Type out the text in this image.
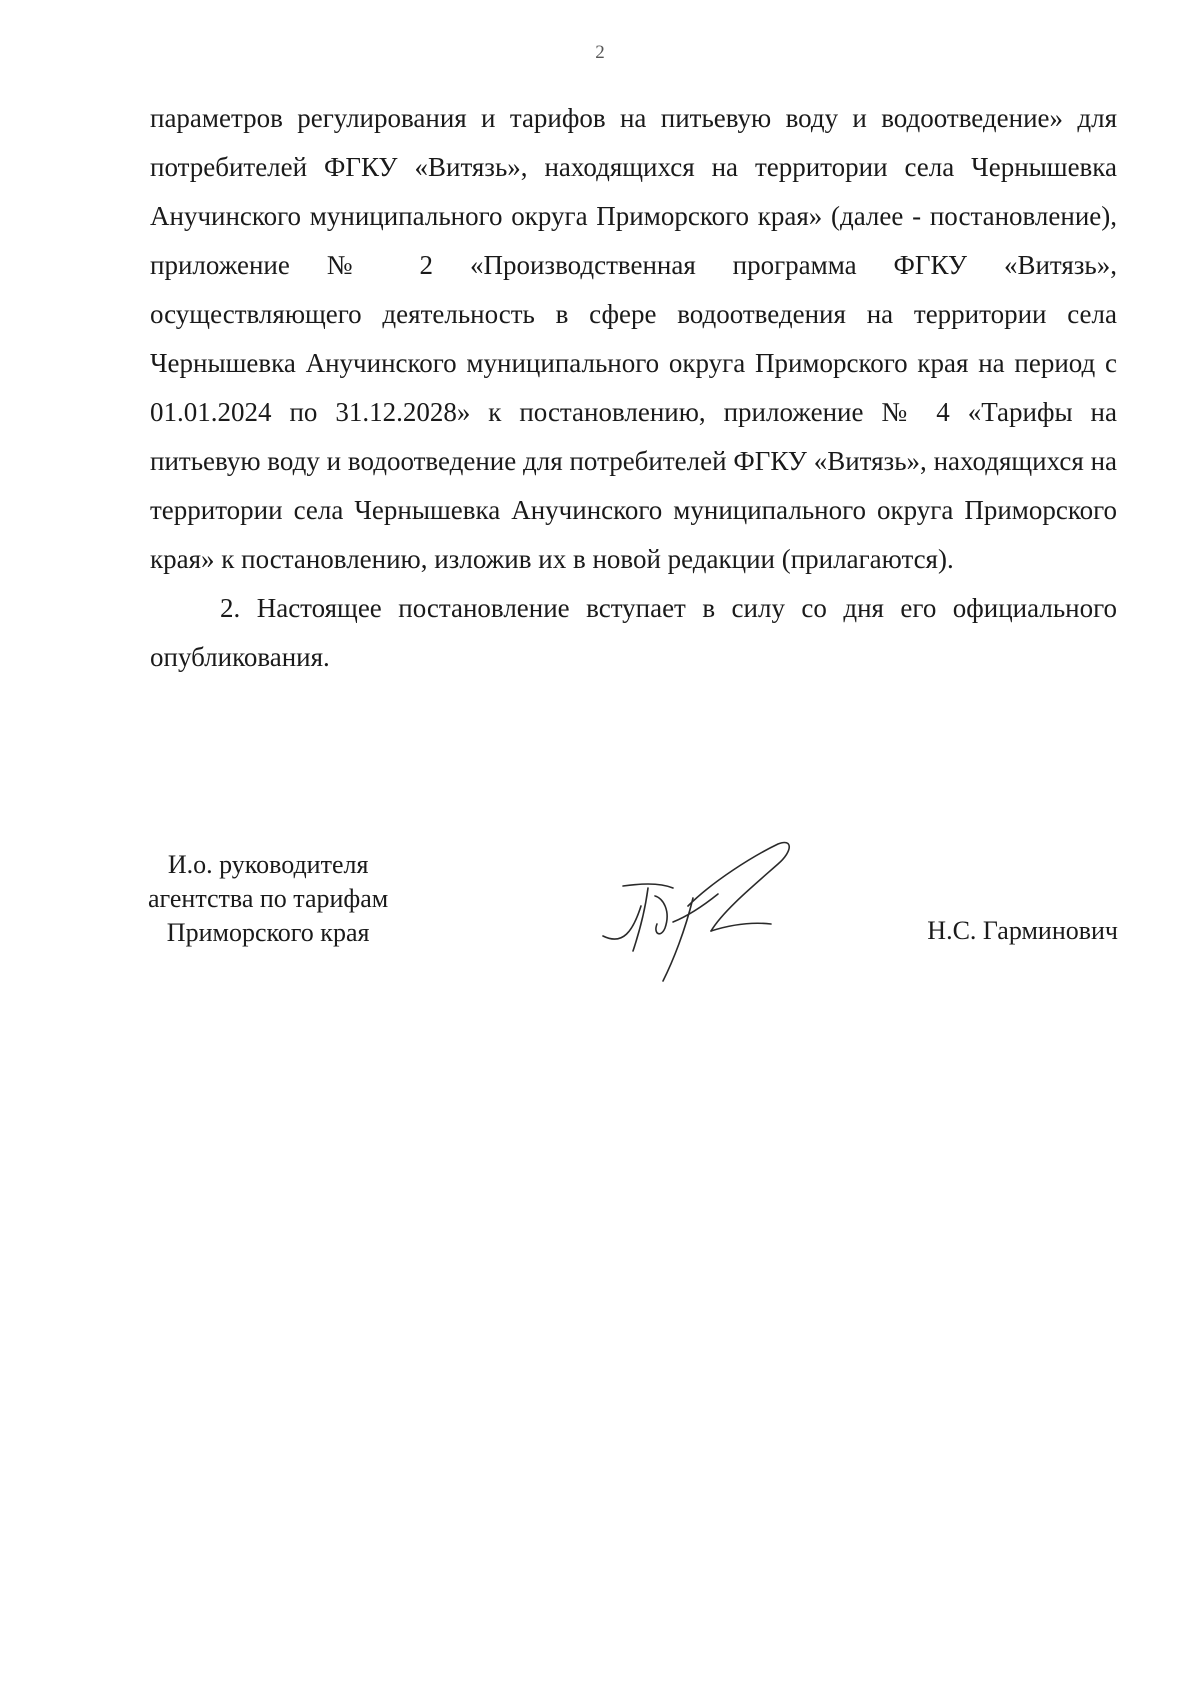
2

параметров регулирования и тарифов на питьевую воду и водоотведение» для потребителей ФГКУ «Витязь», находящихся на территории села Чернышевка Анучинского муниципального округа Приморского края» (далее - постановление), приложение № 2 «Производственная программа ФГКУ «Витязь», осуществляющего деятельность в сфере водоотведения на территории села Чернышевка Анучинского муниципального округа Приморского края на период с 01.01.2024 по 31.12.2028» к постановлению, приложение № 4 «Тарифы на питьевую воду и водоотведение для потребителей ФГКУ «Витязь», находящихся на территории села Чернышевка Анучинского муниципального округа Приморского края» к постановлению, изложив их в новой редакции (прилагаются).

2. Настоящее постановление вступает в силу со дня его официального опубликования.

И.о. руководителя
агентства по тарифам
Приморского края	Н.С. Гарминович
